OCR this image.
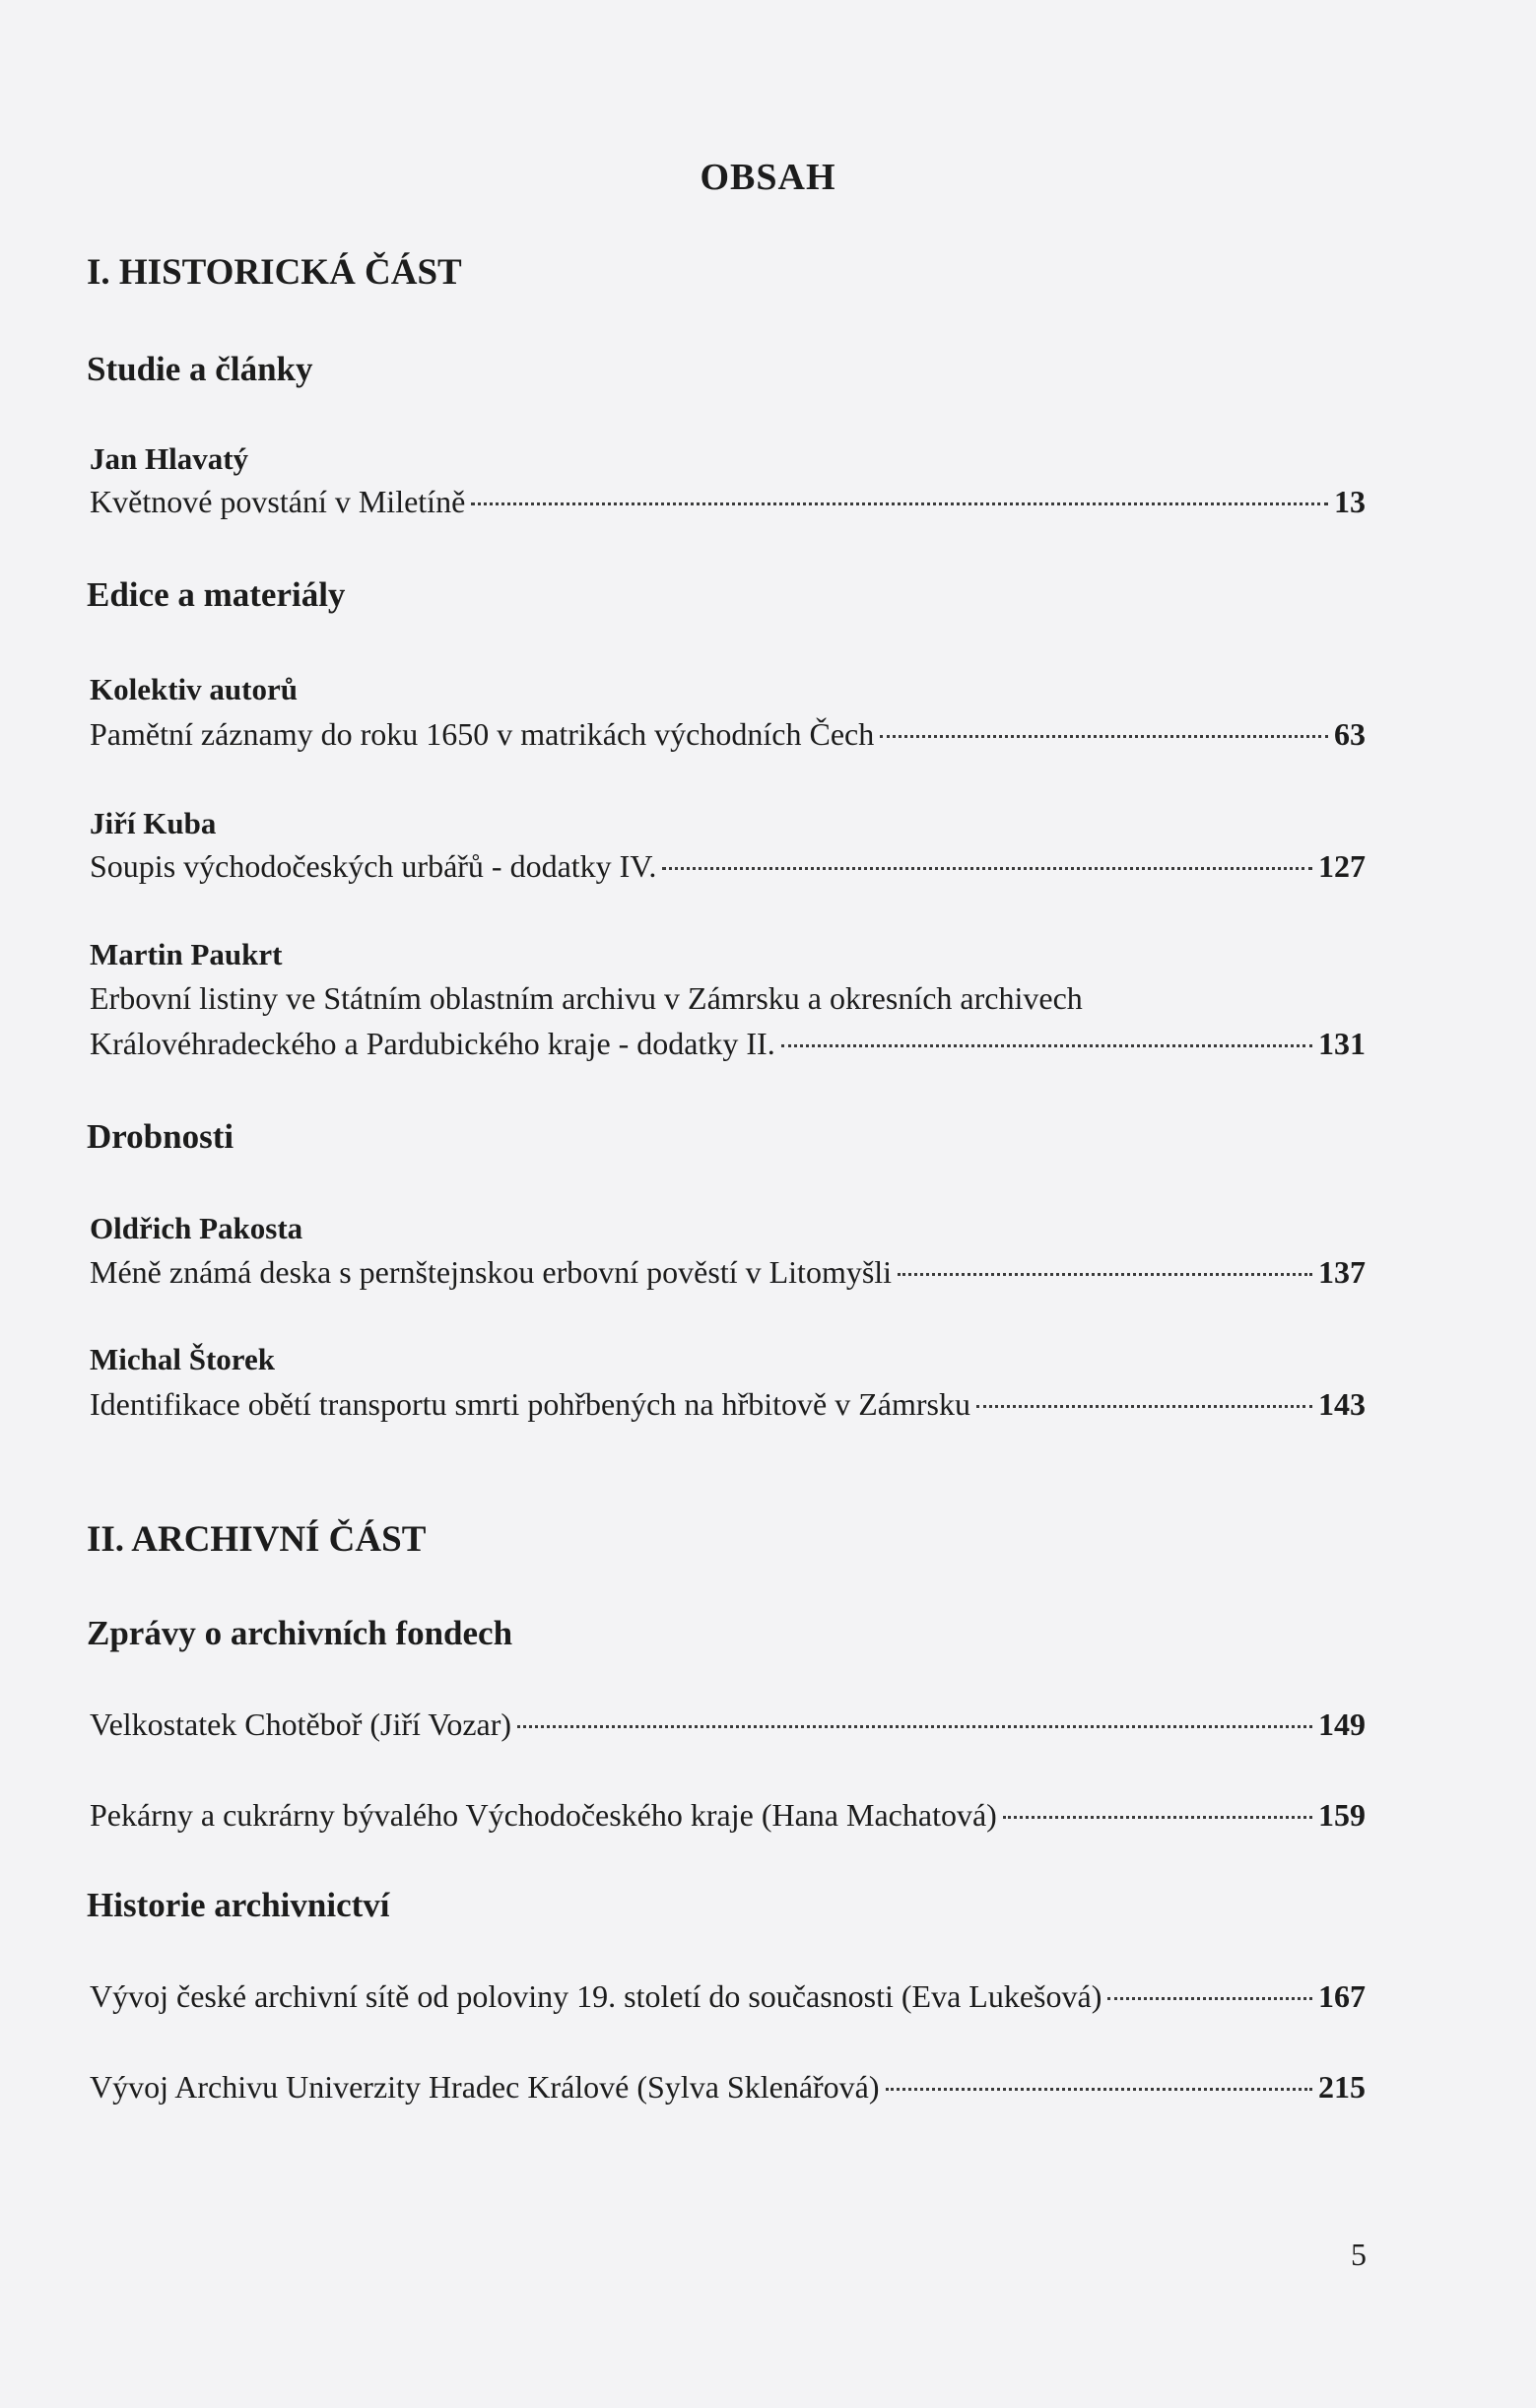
OBSAH
I. HISTORICKÁ ČÁST
Studie a články
Jan Hlavatý
Květnové povstání v Miletíně	13
Edice a materiály
Kolektiv autorů
Pamětní záznamy do roku 1650 v matrikách východních Čech	63
Jiří Kuba
Soupis východočeských urbářů - dodatky IV.	127
Martin Paukrt
Erbovní listiny ve Státním oblastním archivu v Zámrsku a okresních archivech
Královéhradeckého a Pardubického kraje - dodatky II.	131
Drobnosti
Oldřich Pakosta
Méně známá deska s pernštejnskou erbovní pověstí v Litomyšli	137
Michal Štorek
Identifikace obětí transportu smrti pohřbených na hřbitově v Zámrsku	143
II. ARCHIVNÍ ČÁST
Zprávy o archivních fondech
Velkostatek Chotěboř (Jiří Vozar)	149
Pekárny a cukrárny bývalého Východočeského kraje (Hana Machatová)	159
Historie archivnictví
Vývoj české archivní sítě od poloviny 19. století do současnosti (Eva Lukešová)	167
Vývoj Archivu Univerzity Hradec Králové (Sylva Sklenářová)	215
5
